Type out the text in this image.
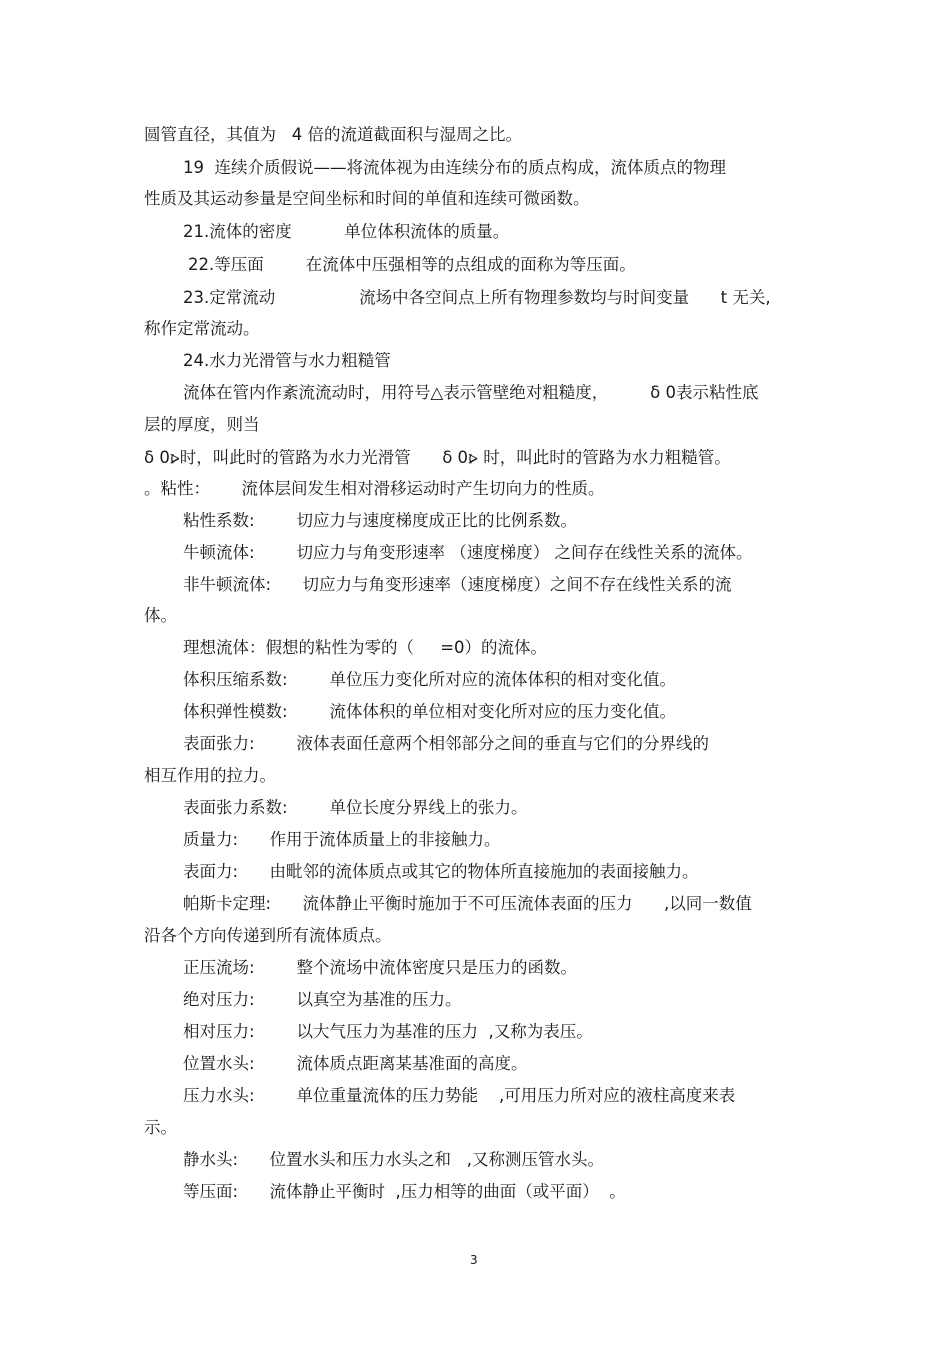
圆管直径，其值为   4 倍的流道截面积与湿周之比。
19  连续介质假说——将流体视为由连续分布的质点构成，流体质点的物理
性质及其运动参量是空间坐标和时间的单值和连续可微函数。
21.流体的密度          单位体积流体的质量。
22.等压面        在流体中压强相等的点组成的面称为等压面。
23.定常流动                流场中各空间点上所有物理参数均与时间变量      t 无关,
称作定常流动。
24.水力光滑管与水力粗糙管
流体在管内作紊流流动时，用符号△表示管壁绝对粗糙度，        δ 0表示粘性底
层的厚度，则当
δ 0⦠时，叫此时的管路为水力光滑管      δ 0⦠ 时，叫此时的管路为水力粗糙管。
。粘性：      流体层间发生相对滑移运动时产生切向力的性质。
粘性系数:        切应力与速度梯度成正比的比例系数。
牛顿流体:        切应力与角变形速率 （速度梯度） 之间存在线性关系的流体。
非牛顿流体:      切应力与角变形速率（速度梯度）之间不存在线性关系的流
体。
理想流体：假想的粘性为零的（     =0）的流体。
体积压缩系数:        单位压力变化所对应的流体体积的相对变化值。
体积弹性模数:        流体体积的单位相对变化所对应的压力变化值。
表面张力:        液体表面任意两个相邻部分之间的垂直与它们的分界线的
相互作用的拉力。
表面张力系数:        单位长度分界线上的张力。
质量力:      作用于流体质量上的非接触力。
表面力:      由毗邻的流体质点或其它的物体所直接施加的表面接触力。
帕斯卡定理:      流体静止平衡时施加于不可压流体表面的压力      ,以同一数值
沿各个方向传递到所有流体质点。
正压流场:        整个流场中流体密度只是压力的函数。
绝对压力:        以真空为基准的压力。
相对压力:        以大气压力为基准的压力  ,又称为表压。
位置水头:        流体质点距离某基准面的高度。
压力水头:        单位重量流体的压力势能    ,可用压力所对应的液柱高度来表
示。
静水头:      位置水头和压力水头之和   ,又称测压管水头。
等压面:      流体静止平衡时  ,压力相等的曲面（或平面）  。
3
